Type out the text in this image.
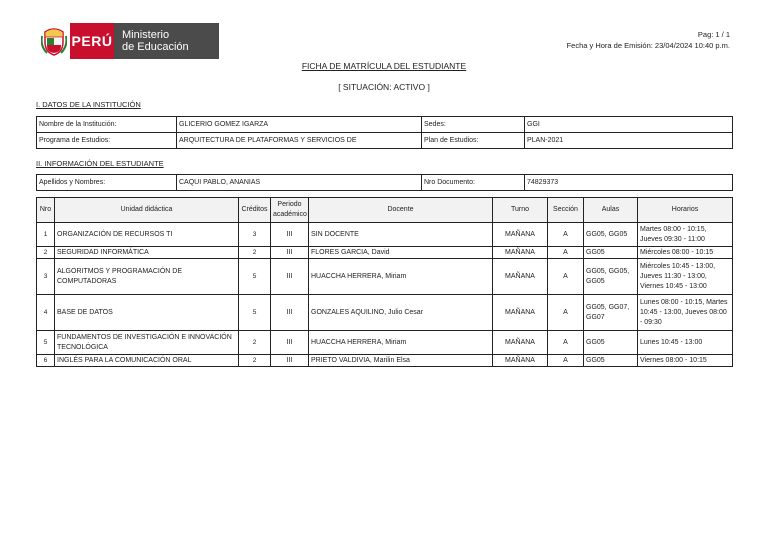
PERÚ Ministerio
de Educación
Pag: 1 / 1
Fecha y Hora de Emisión: 23/04/2024 10:40 p.m.
FICHA DE MATRÍCULA DEL ESTUDIANTE
[ SITUACIÓN: ACTIVO ]
I. DATOS DE LA INSTITUCIÓN
Nombre de la Institución:	GLICERIO GOMEZ IGARZA	Sedes:	GGI
Programa de Estudios:	ARQUITECTURA DE PLATAFORMAS Y SERVICIOS DE	Plan de Estudios:	PLAN-2021
II. INFORMACIÓN DEL ESTUDIANTE
Apellidos y Nombres:	CAQUI PABLO, ANANIAS	Nro Documento:	74829373
Nro	Unidad didáctica	Créditos	Periodo académico	Docente	Turno	Sección	Aulas	Horarios
1	ORGANIZACIÓN DE RECURSOS TI	3	III	SIN DOCENTE	MAÑANA	A	GG05, GG05	Martes 08:00 - 10:15, Jueves 09:30 - 11:00
2	SEGURIDAD INFORMÁTICA	2	III	FLORES GARCIA, David	MAÑANA	A	GG05	Miércoles 08:00 - 10:15
3	ALGORITMOS Y PROGRAMACIÓN DE COMPUTADORAS	5	III	HUACCHA HERRERA, Miriam	MAÑANA	A	GG05, GG05, GG05	Miércoles 10:45 - 13:00, Jueves 11:30 - 13:00, Viernes 10:45 - 13:00
4	BASE DE DATOS	5	III	GONZALES AQUILINO, Julio Cesar	MAÑANA	A	GG05, GG07, GG07	Lunes 08:00 - 10:15, Martes 10:45 - 13:00, Jueves 08:00 - 09:30
5	FUNDAMENTOS DE INVESTIGACIÓN E INNOVACIÓN TECNOLÓGICA	2	III	HUACCHA HERRERA, Miriam	MAÑANA	A	GG05	Lunes 10:45 - 13:00
6	INGLÉS PARA LA COMUNICACIÓN ORAL	2	III	PRIETO VALDIVIA, Marilin Elsa	MAÑANA	A	GG05	Viernes 08:00 - 10:15
